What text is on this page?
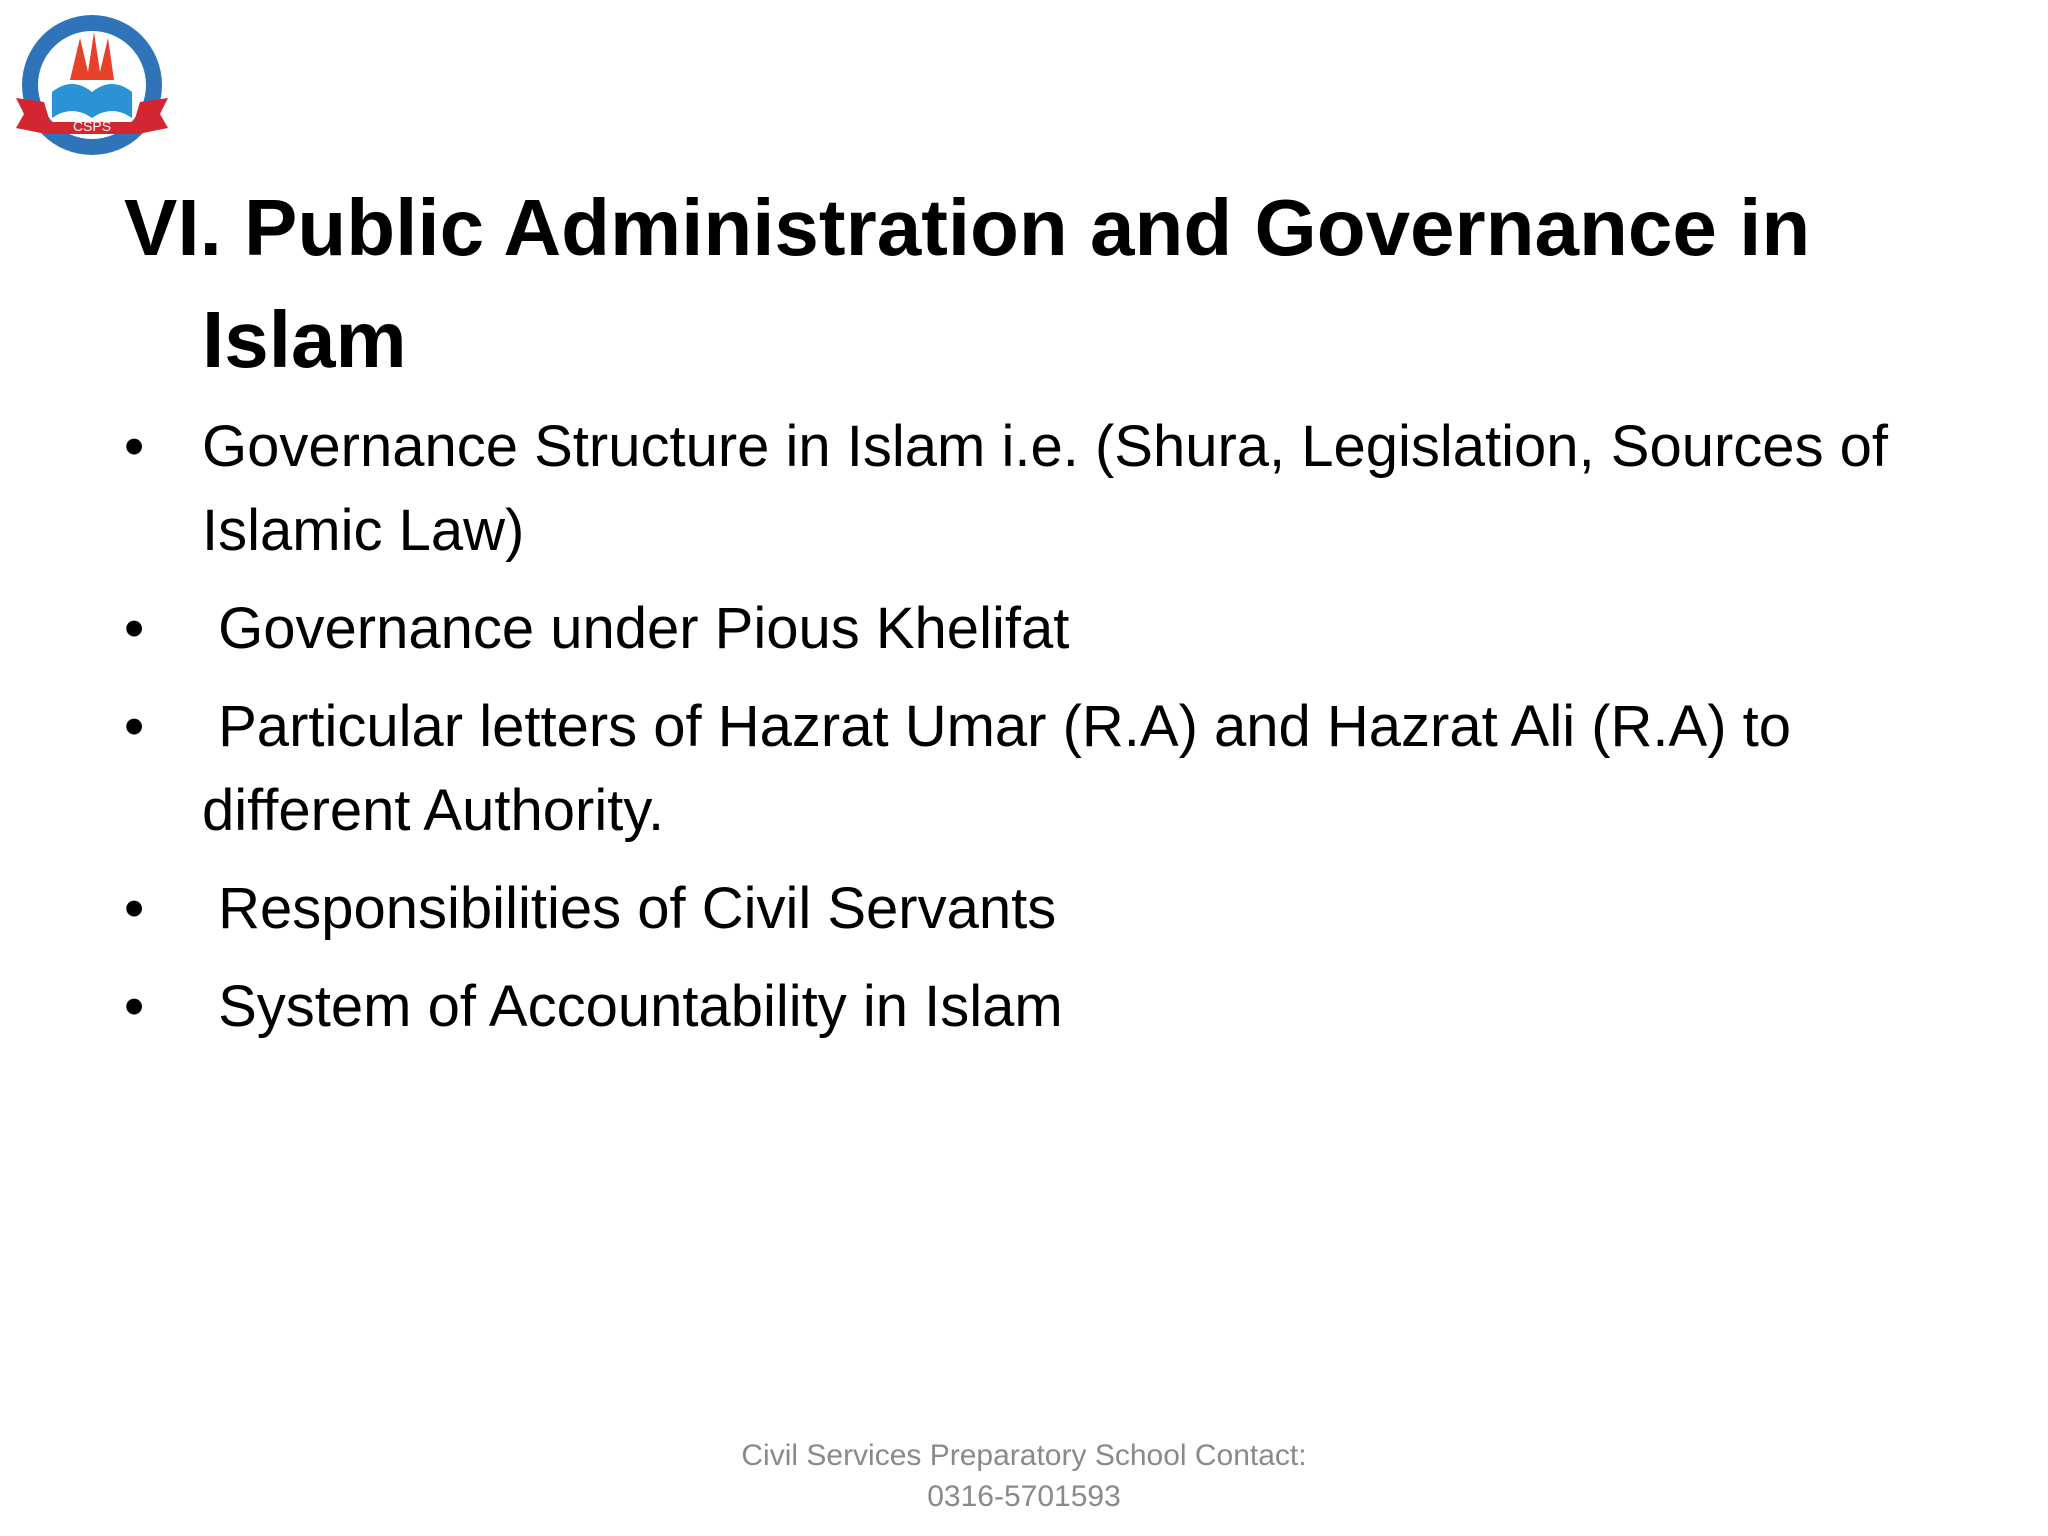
CSPS
VI. Public Administration and Governance in Islam
• Governance Structure in Islam i.e. (Shura, Legislation, Sources of Islamic Law)
• Governance under Pious Khelifat
• Particular letters of Hazrat Umar (R.A) and Hazrat Ali (R.A) to different Authority.
• Responsibilities of Civil Servants
• System of Accountability in Islam
Civil Services Preparatory School Contact:
0316-5701593
